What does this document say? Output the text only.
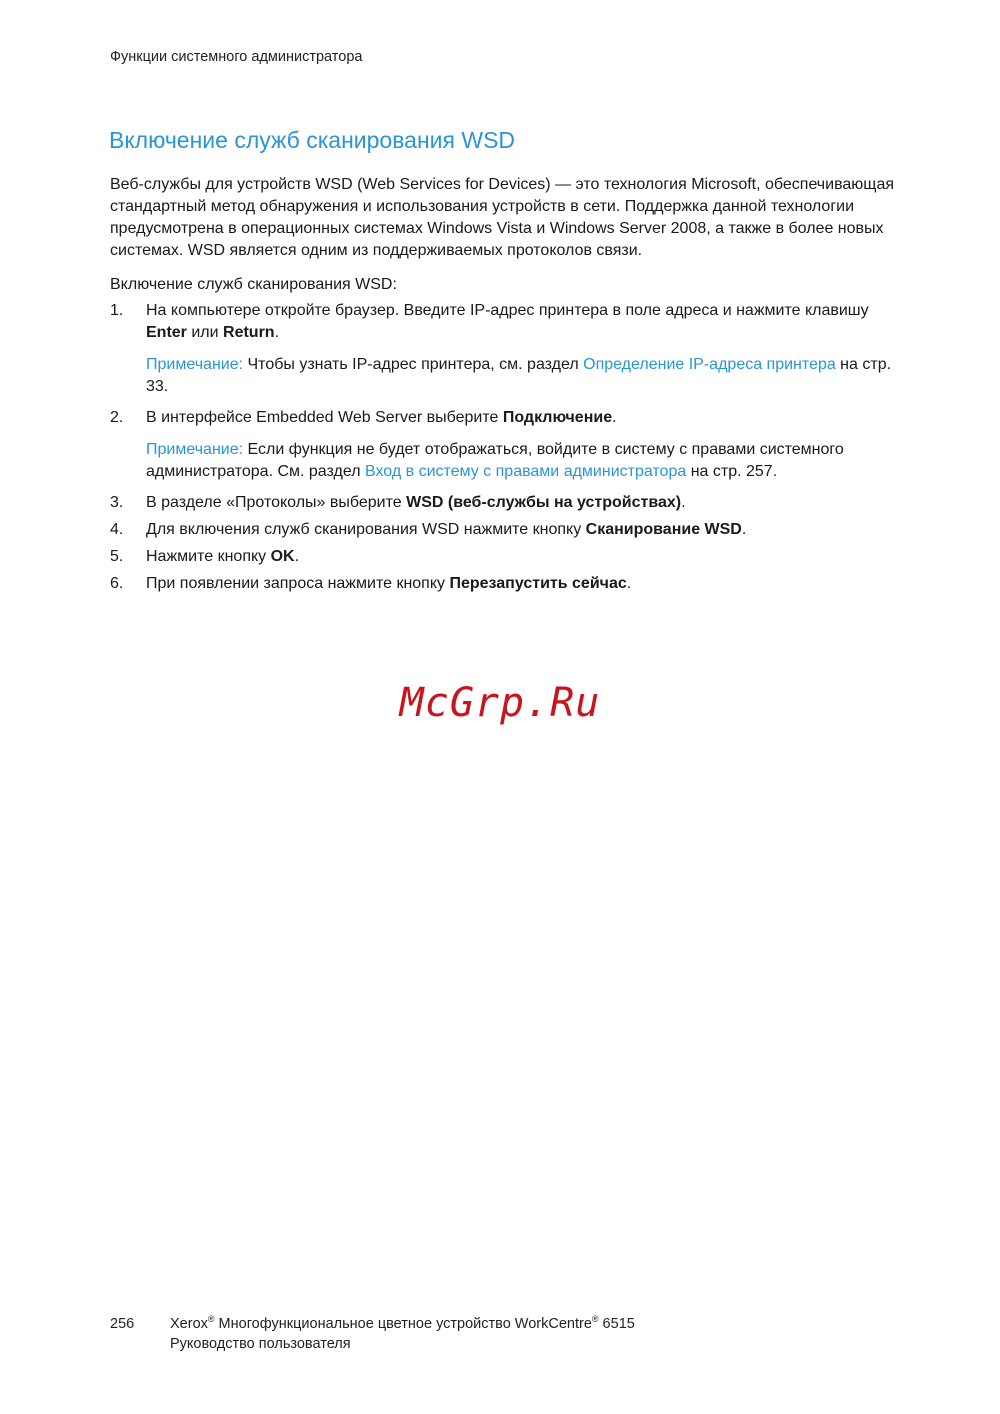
Функции системного администратора
Включение служб сканирования WSD

Веб-службы для устройств WSD (Web Services for Devices) — это технология Microsoft, обеспечивающая стандартный метод обнаружения и использования устройств в сети. Поддержка данной технологии предусмотрена в операционных системах Windows Vista и Windows Server 2008, а также в более новых системах. WSD является одним из поддерживаемых протоколов связи.

Включение служб сканирования WSD:

1. На компьютере откройте браузер. Введите IP-адрес принтера в поле адреса и нажмите клавишу Enter или Return.
Примечание: Чтобы узнать IP-адрес принтера, см. раздел Определение IP-адреса принтера на стр. 33.
2. В интерфейсе Embedded Web Server выберите Подключение.
Примечание: Если функция не будет отображаться, войдите в систему с правами системного администратора. См. раздел Вход в систему с правами администратора на стр. 257.
3. В разделе «Протоколы» выберите WSD (веб-службы на устройствах).
4. Для включения служб сканирования WSD нажмите кнопку Сканирование WSD.
5. Нажмите кнопку OK.
6. При появлении запроса нажмите кнопку Перезапустить сейчас.
McGrp.Ru
256 Xerox® Многофункциональное цветное устройство WorkCentre® 6515
Руководство пользователя
